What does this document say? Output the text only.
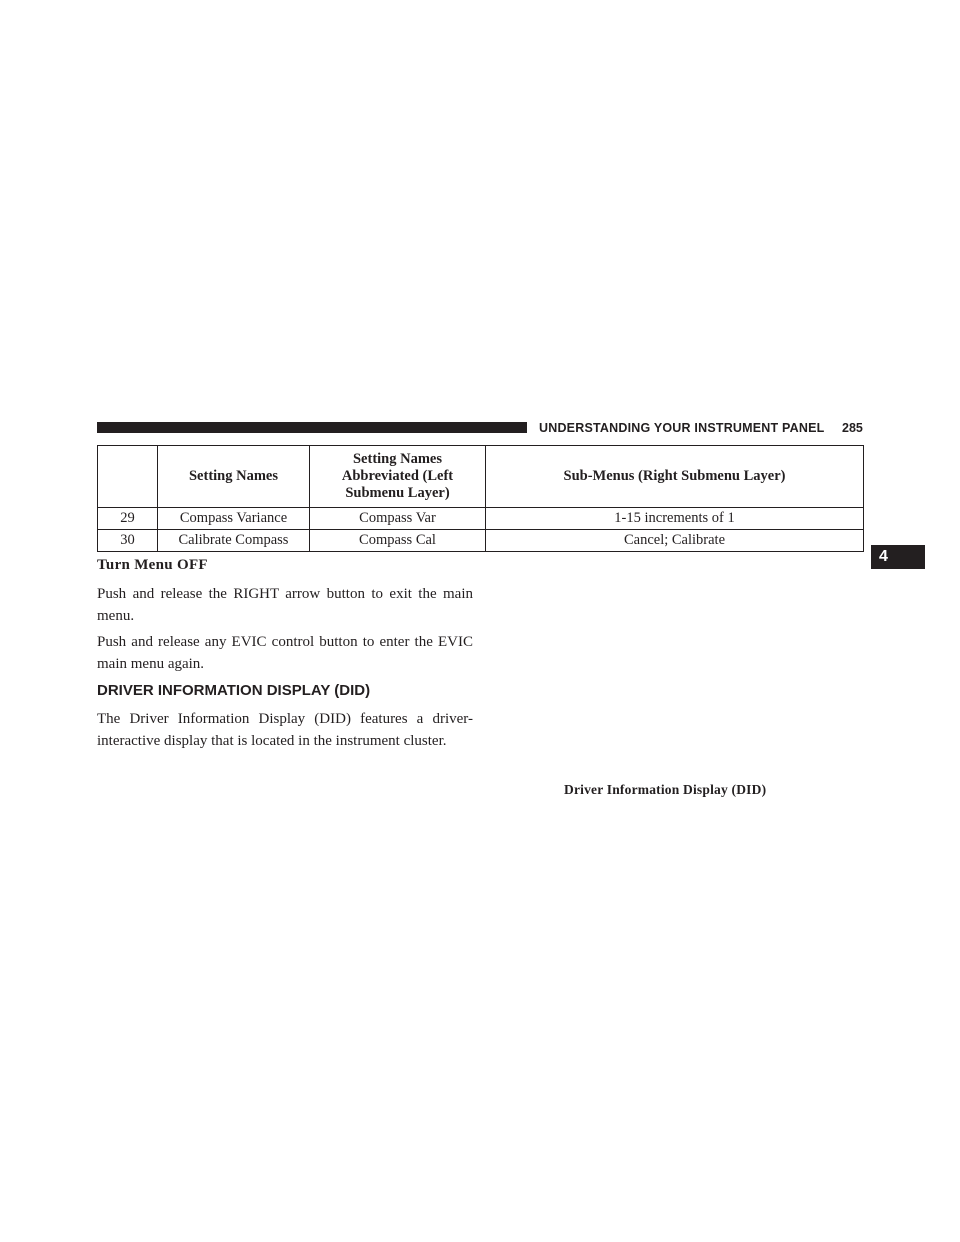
UNDERSTANDING YOUR INSTRUMENT PANEL 285
4
	Setting Names	Setting Names Abbreviated (Left Submenu Layer)	Sub-Menus (Right Submenu Layer)
29	Compass Variance	Compass Var	1-15 increments of 1
30	Calibrate Compass	Compass Cal	Cancel; Calibrate
Turn Menu OFF

Push and release the RIGHT arrow button to exit the main menu.

Push and release any EVIC control button to enter the EVIC main menu again.

DRIVER INFORMATION DISPLAY (DID)

The Driver Information Display (DID) features a driver-interactive display that is located in the instrument cluster.

Driver Information Display (DID)
